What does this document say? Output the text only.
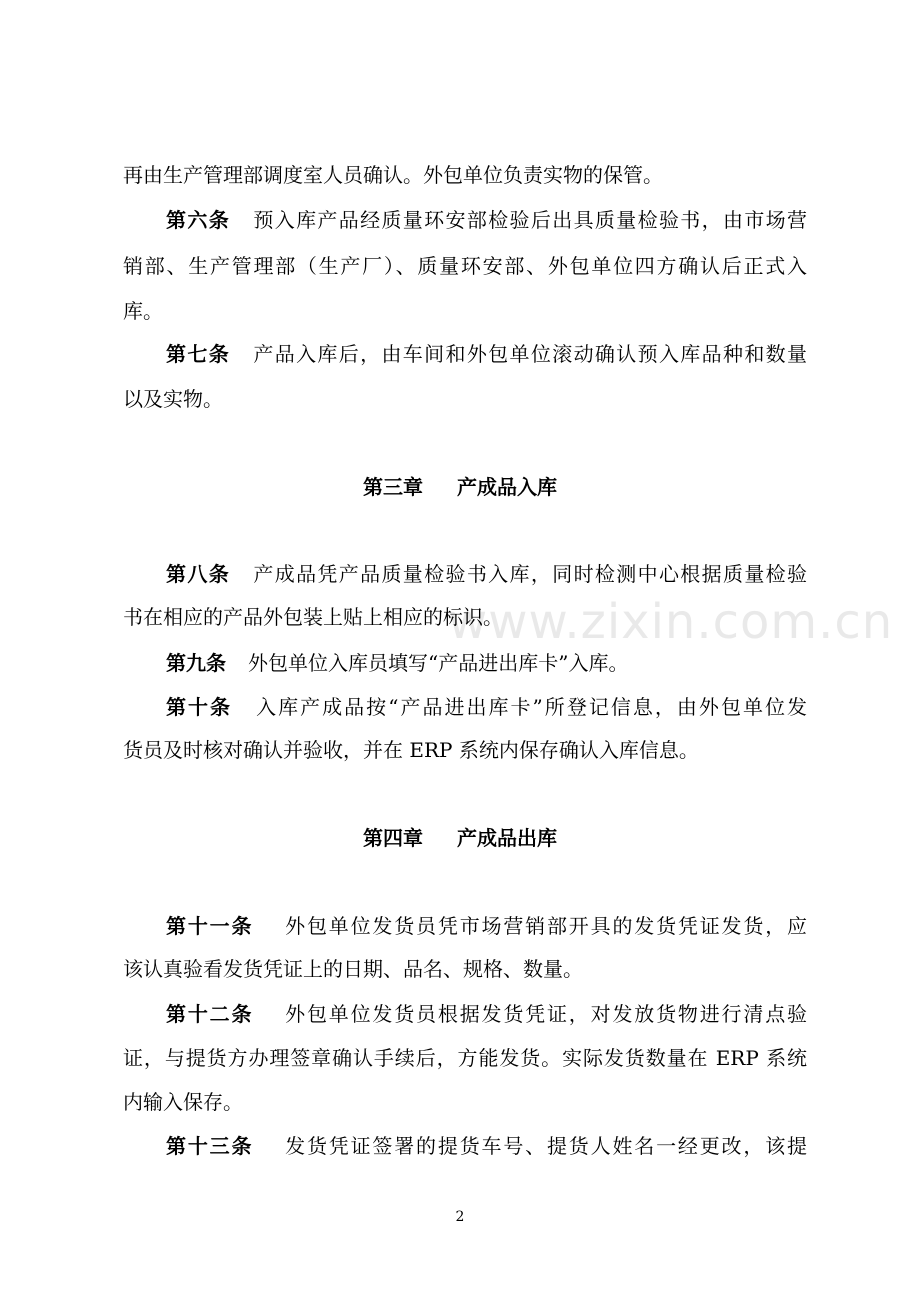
www.zixin.com.cn
再由生产管理部调度室人员确认。外包单位负责实物的保管。
第六条 预入库产品经质量环安部检验后出具质量检验书，由市场营
销部、生产管理部（生产厂）、质量环安部、外包单位四方确认后正式入
库。
第七条 产品入库后，由车间和外包单位滚动确认预入库品种和数量
以及实物。
第三章 产成品入库
第八条 产成品凭产品质量检验书入库，同时检测中心根据质量检验
书在相应的产品外包装上贴上相应的标识。
第九条 外包单位入库员填写“产品进出库卡”入库。
第十条 入库产成品按“产品进出库卡”所登记信息，由外包单位发
货员及时核对确认并验收，并在 ERP 系统内保存确认入库信息。
第四章 产成品出库
第十一条 外包单位发货员凭市场营销部开具的发货凭证发货，应
该认真验看发货凭证上的日期、品名、规格、数量。
第十二条 外包单位发货员根据发货凭证，对发放货物进行清点验
证，与提货方办理签章确认手续后，方能发货。实际发货数量在 ERP 系统
内输入保存。
第十三条 发货凭证签署的提货车号、提货人姓名一经更改，该提
2
